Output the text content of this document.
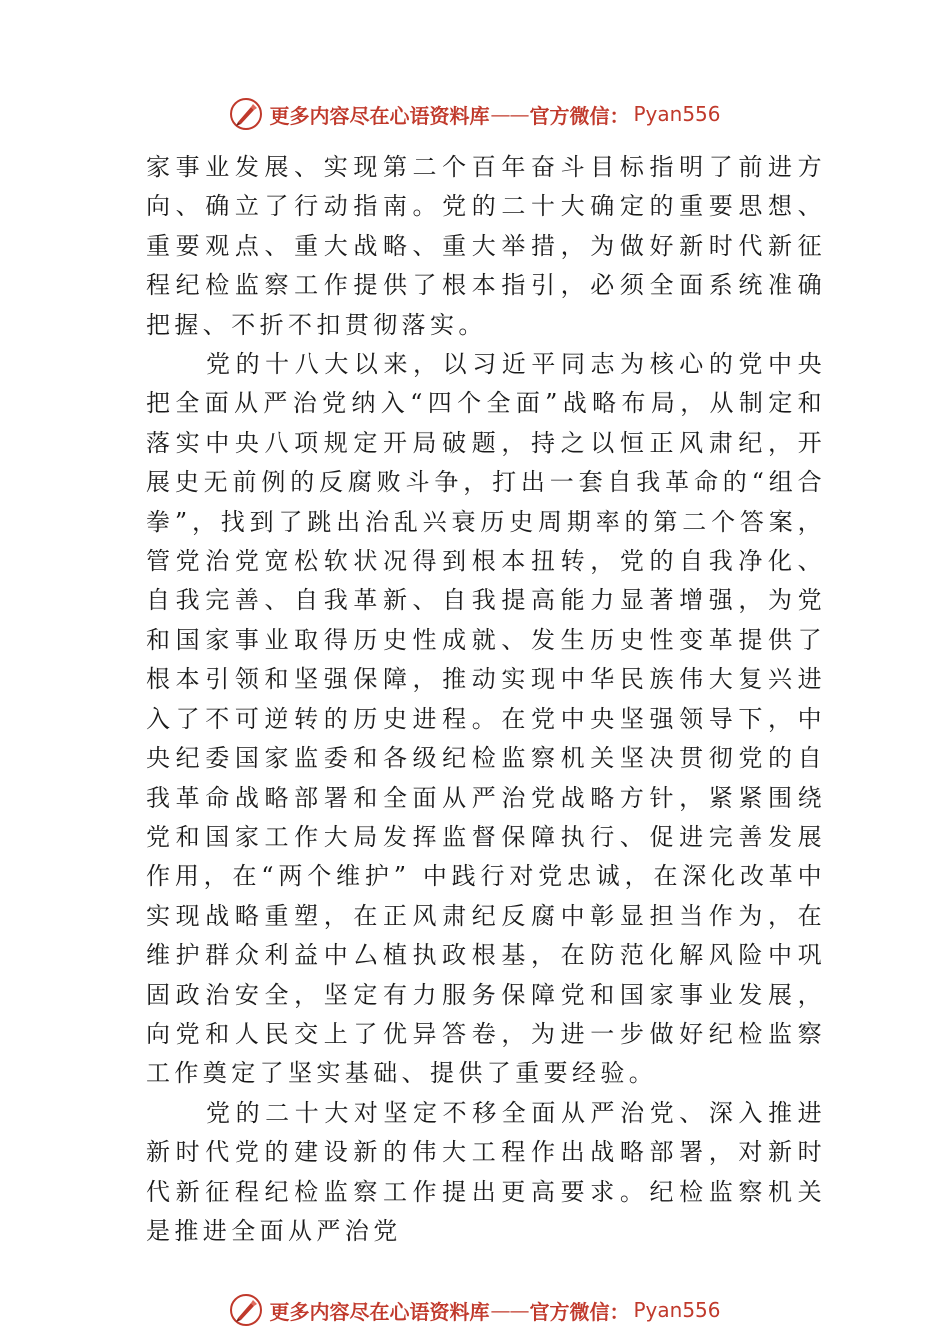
更多内容尽在心语资料库 —— 官方微信： Pyan556

家事业发展、实现第二个百年奋斗目标指明了前进方向、确立了行动指南。党的二十大确定的重要思想、重要观点、重大战略、重大举措，为做好新时代新征程纪检监察工作提供了根本指引，必须全面系统准确把握、不折不扣贯彻落实。

党的十八大以来，以习近平同志为核心的党中央把全面从严治党纳入“四个全面”战略布局，从制定和落实中央八项规定开局破题，持之以恒正风肃纪，开展史无前例的反腐败斗争，打出一套自我革命的“组合拳”，找到了跳出治乱兴衰历史周期率的第二个答案，管党治党宽松软状况得到根本扭转，党的自我净化、自我完善、自我革新、自我提高能力显著增强，为党和国家事业取得历史性成就、发生历史性变革提供了根本引领和坚强保障，推动实现中华民族伟大复兴进入了不可逆转的历史进程。在党中央坚强领导下，中央纪委国家监委和各级纪检监察机关坚决贯彻党的自我革命战略部署和全面从严治党战略方针，紧紧围绕党和国家工作大局发挥监督保障执行、促进完善发展作用，在“两个维护” 中践行对党忠诚，在深化改革中实现战略重塑，在正风肃纪反腐中彰显担当作为，在维护群众利益中厶植执政根基，在防范化解风险中巩固政治安全，坚定有力服务保障党和国家事业发展，向党和人民交上了优异答卷，为进一步做好纪检监察工作奠定了坚实基础、提供了重要经验。

党的二十大对坚定不移全面从严治党、深入推进新时代党的建设新的伟大工程作出战略部署，对新时代新征程纪检监察工作提出更高要求。纪检监察机关是推进全面从严治党

更多内容尽在心语资料库 —— 官方微信： Pyan556
